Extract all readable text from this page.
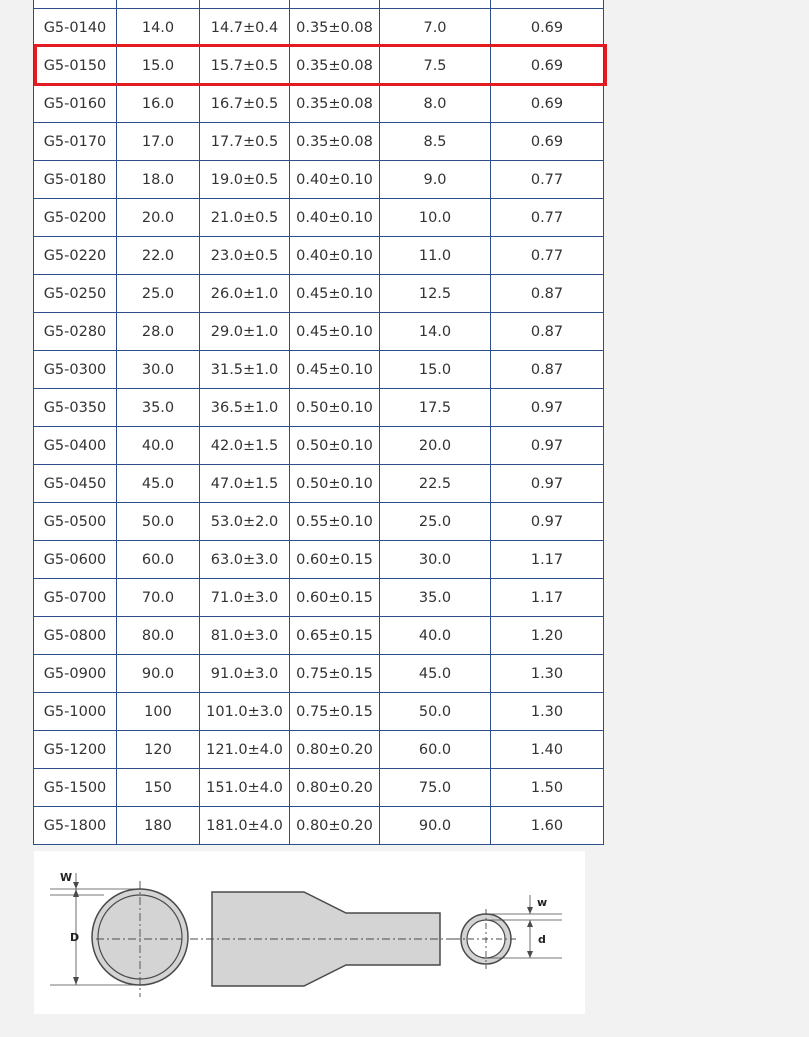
G5-0140	14.0	14.7±0.4	0.35±0.08	7.0	0.69
G5-0150	15.0	15.7±0.5	0.35±0.08	7.5	0.69
G5-0160	16.0	16.7±0.5	0.35±0.08	8.0	0.69
G5-0170	17.0	17.7±0.5	0.35±0.08	8.5	0.69
G5-0180	18.0	19.0±0.5	0.40±0.10	9.0	0.77
G5-0200	20.0	21.0±0.5	0.40±0.10	10.0	0.77
G5-0220	22.0	23.0±0.5	0.40±0.10	11.0	0.77
G5-0250	25.0	26.0±1.0	0.45±0.10	12.5	0.87
G5-0280	28.0	29.0±1.0	0.45±0.10	14.0	0.87
G5-0300	30.0	31.5±1.0	0.45±0.10	15.0	0.87
G5-0350	35.0	36.5±1.0	0.50±0.10	17.5	0.97
G5-0400	40.0	42.0±1.5	0.50±0.10	20.0	0.97
G5-0450	45.0	47.0±1.5	0.50±0.10	22.5	0.97
G5-0500	50.0	53.0±2.0	0.55±0.10	25.0	0.97
G5-0600	60.0	63.0±3.0	0.60±0.15	30.0	1.17
G5-0700	70.0	71.0±3.0	0.60±0.15	35.0	1.17
G5-0800	80.0	81.0±3.0	0.65±0.15	40.0	1.20
G5-0900	90.0	91.0±3.0	0.75±0.15	45.0	1.30
G5-1000	100	101.0±3.0	0.75±0.15	50.0	1.30
G5-1200	120	121.0±4.0	0.80±0.20	60.0	1.40
G5-1500	150	151.0±4.0	0.80±0.20	75.0	1.50
G5-1800	180	181.0±4.0	0.80±0.20	90.0	1.60
W
D
w
d
